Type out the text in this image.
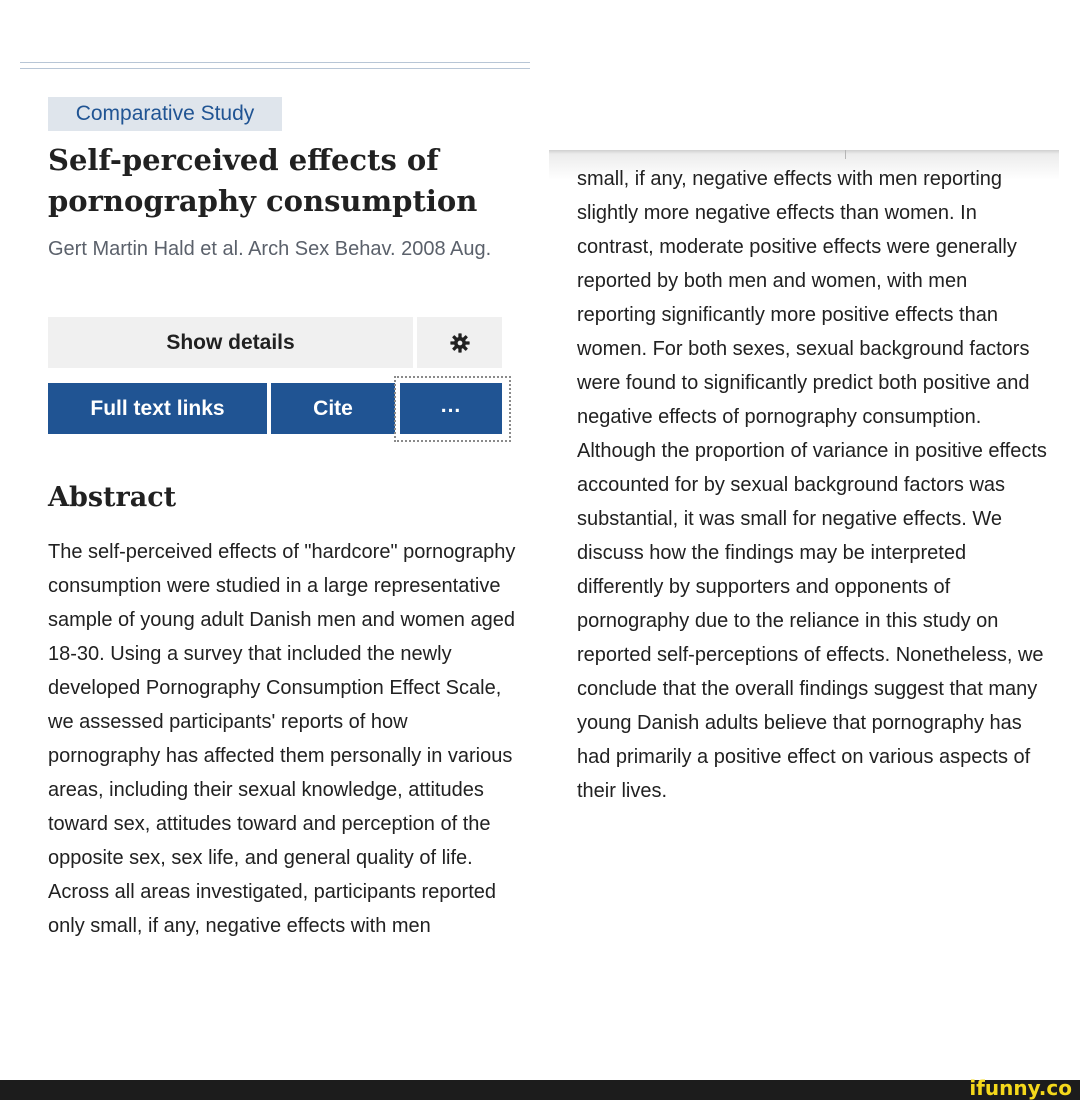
Comparative Study
Self-perceived effects of pornography consumption
Gert Martin Hald et al. Arch Sex Behav. 2008 Aug.
Show details
Full text links	Cite	...
Abstract

The self-perceived effects of "hardcore" pornography consumption were studied in a large representative sample of young adult Danish men and women aged 18-30. Using a survey that included the newly developed Pornography Consumption Effect Scale, we assessed participants' reports of how pornography has affected them personally in various areas, including their sexual knowledge, attitudes toward sex, attitudes toward and perception of the opposite sex, sex life, and general quality of life. Across all areas investigated, participants reported only small, if any, negative effects with men

small, if any, negative effects with men reporting slightly more negative effects than women. In contrast, moderate positive effects were generally reported by both men and women, with men reporting significantly more positive effects than women. For both sexes, sexual background factors were found to significantly predict both positive and negative effects of pornography consumption. Although the proportion of variance in positive effects accounted for by sexual background factors was substantial, it was small for negative effects. We discuss how the findings may be interpreted differently by supporters and opponents of pornography due to the reliance in this study on reported self-perceptions of effects. Nonetheless, we conclude that the overall findings suggest that many young Danish adults believe that pornography has had primarily a positive effect on various aspects of their lives.

ifunny.co
